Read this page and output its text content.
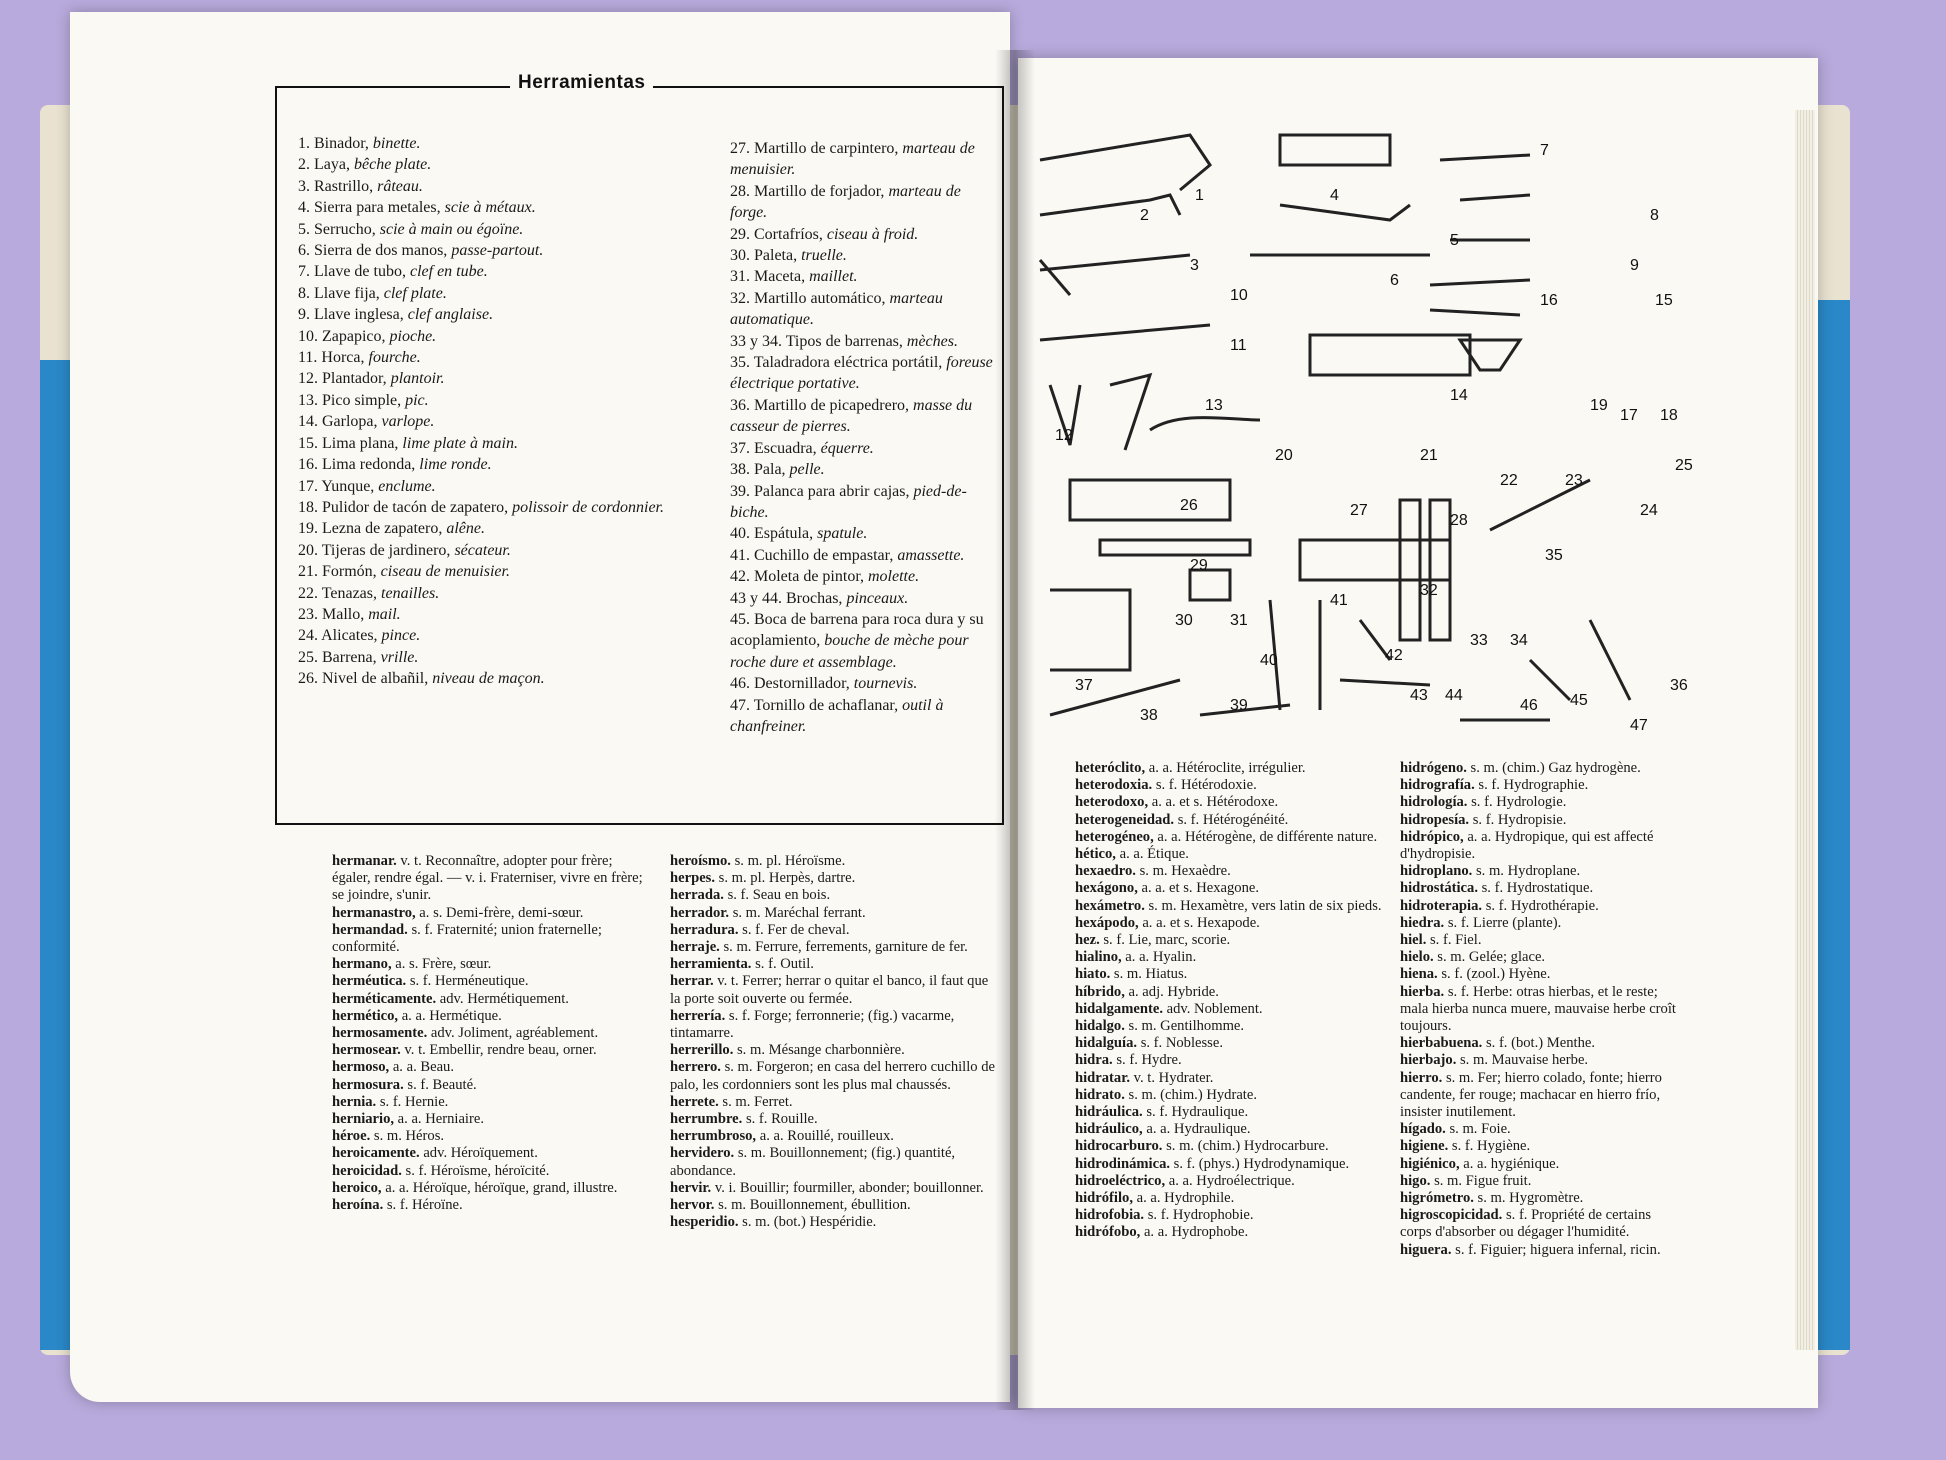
Herramientas
1. Binador, binette.
2. Laya, bêche plate.
3. Rastrillo, râteau.
4. Sierra para metales, scie à métaux.
5. Serrucho, scie à main ou égoïne.
6. Sierra de dos manos, passe-partout.
7. Llave de tubo, clef en tube.
8. Llave fija, clef plate.
9. Llave inglesa, clef anglaise.
10. Zapapico, pioche.
11. Horca, fourche.
12. Plantador, plantoir.
13. Pico simple, pic.
14. Garlopa, varlope.
15. Lima plana, lime plate à main.
16. Lima redonda, lime ronde.
17. Yunque, enclume.
18. Pulidor de tacón de zapatero, polissoir de cordonnier.
19. Lezna de zapatero, alêne.
20. Tijeras de jardinero, sécateur.
21. Formón, ciseau de menuisier.
22. Tenazas, tenailles.
23. Mallo, mail.
24. Alicates, pince.
25. Barrena, vrille.
26. Nivel de albañil, niveau de maçon.
27. Martillo de carpintero, marteau de menuisier.
28. Martillo de forjador, marteau de forge.
29. Cortafríos, ciseau à froid.
30. Paleta, truelle.
31. Maceta, maillet.
32. Martillo automático, marteau automatique.
33 y 34. Tipos de barrenas, mèches.
35. Taladradora eléctrica portátil, foreuse électrique portative.
36. Martillo de picapedrero, masse du casseur de pierres.
37. Escuadra, équerre.
38. Pala, pelle.
39. Palanca para abrir cajas, pied-de-biche.
40. Espátula, spatule.
41. Cuchillo de empastar, amassette.
42. Moleta de pintor, molette.
43 y 44. Brochas, pinceaux.
45. Boca de barrena para roca dura y su acoplamiento, bouche de mèche pour roche dure et assemblage.
46. Destornillador, tournevis.
47. Tornillo de achaflanar, outil à chanfreiner.
hermanar. v. t. Reconnaître, adopter pour frère; égaler, rendre égal. — v. i. Fraterniser, vivre en frère; se joindre, s'unir.
hermanastro, a. s. Demi-frère, demi-sœur.
hermandad. s. f. Fraternité; union fraternelle; conformité.
hermano, a. s. Frère, sœur.
herméutica. s. f. Herméneutique.
herméticamente. adv. Hermétiquement.
hermético, a. a. Hermétique.
hermosamente. adv. Joliment, agréablement.
hermosear. v. t. Embellir, rendre beau, orner.
hermoso, a. a. Beau.
hermosura. s. f. Beauté.
hernia. s. f. Hernie.
herniario, a. a. Herniaire.
héroe. s. m. Héros.
heroicamente. adv. Héroïquement.
heroicidad. s. f. Héroïsme, héroïcité.
heroico, a. a. Héroïque, héroïque, grand, illustre.
heroína. s. f. Héroïne.
heroísmo. s. m. pl. Héroïsme.
herpes. s. m. pl. Herpès, dartre.
herrada. s. f. Seau en bois.
herrador. s. m. Maréchal ferrant.
herradura. s. f. Fer de cheval.
herraje. s. m. Ferrure, ferrements, garniture de fer.
herramienta. s. f. Outil.
herrar. v. t. Ferrer; herrar o quitar el banco, il faut que la porte soit ouverte ou fermée.
herrería. s. f. Forge; ferronnerie; (fig.) vacarme, tintamarre.
herrerillo. s. m. Mésange charbonnière.
herrero. s. m. Forgeron; en casa del herrero cuchillo de palo, les cordonniers sont les plus mal chaussés.
herrete. s. m. Ferret.
herrumbre. s. f. Rouille.
herrumbroso, a. a. Rouillé, rouilleux.
hervidero. s. m. Bouillonnement; (fig.) quantité, abondance.
hervir. v. i. Bouillir; fourmiller, abonder; bouillonner.
hervor. s. m. Bouillonnement, ébullition.
hesperidio. s. m. (bot.) Hespéridie.
heteróclito, a. a. Hétéroclite, irrégulier.
heterodoxia. s. f. Hétérodoxie.
heterodoxo, a. a. et s. Hétérodoxe.
heterogeneidad. s. f. Hétérogénéité.
heterogéneo, a. a. Hétérogène, de différente nature.
hético, a. a. Étique.
hexaedro. s. m. Hexaèdre.
hexágono, a. a. et s. Hexagone.
hexámetro. s. m. Hexamètre, vers latin de six pieds.
hexápodo, a. a. et s. Hexapode.
hez. s. f. Lie, marc, scorie.
hialino, a. a. Hyalin.
hiato. s. m. Hiatus.
híbrido, a. adj. Hybride.
hidalgamente. adv. Noblement.
hidalgo. s. m. Gentilhomme.
hidalguía. s. f. Noblesse.
hidra. s. f. Hydre.
hidratar. v. t. Hydrater.
hidrato. s. m. (chim.) Hydrate.
hidráulica. s. f. Hydraulique.
hidráulico, a. a. Hydraulique.
hidrocarburo. s. m. (chim.) Hydrocarbure.
hidrodinámica. s. f. (phys.) Hydrodynamique.
hidroeléctrico, a. a. Hydroélectrique.
hidrófilo, a. a. Hydrophile.
hidrofobia. s. f. Hydrophobie.
hidrófobo, a. a. Hydrophobe.
hidrógeno. s. m. (chim.) Gaz hydrogène.
hidrografía. s. f. Hydrographie.
hidrología. s. f. Hydrologie.
hidropesía. s. f. Hydropisie.
hidrópico, a. a. Hydropique, qui est affecté d'hydropisie.
hidroplano. s. m. Hydroplane.
hidrostática. s. f. Hydrostatique.
hidroterapia. s. f. Hydrothérapie.
hiedra. s. f. Lierre (plante).
hiel. s. f. Fiel.
hielo. s. m. Gelée; glace.
hiena. s. f. (zool.) Hyène.
hierba. s. f. Herbe: otras hierbas, et le reste; mala hierba nunca muere, mauvaise herbe croît toujours.
hierbabuena. s. f. (bot.) Menthe.
hierbajo. s. m. Mauvaise herbe.
hierro. s. m. Fer; hierro colado, fonte; hierro candente, fer rouge; machacar en hierro frío, insister inutilement.
hígado. s. m. Foie.
higiene. s. f. Hygiène.
higiénico, a. a. hygiénique.
higo. s. m. Figue fruit.
higrómetro. s. m. Hygromètre.
higroscopicidad. s. f. Propriété de certains corps d'absorber ou dégager l'humidité.
higuera. s. f. Figuier; higuera infernal, ricin.
1
2
3
4
5
6
7
8
9
10
11
12
13
14
15
16
17 18
19
20	21
22	23
24
25
26	27
28
29
30 31
32
33 34
35
36
37
38
39
40
41
42
43 44	45
46
47
